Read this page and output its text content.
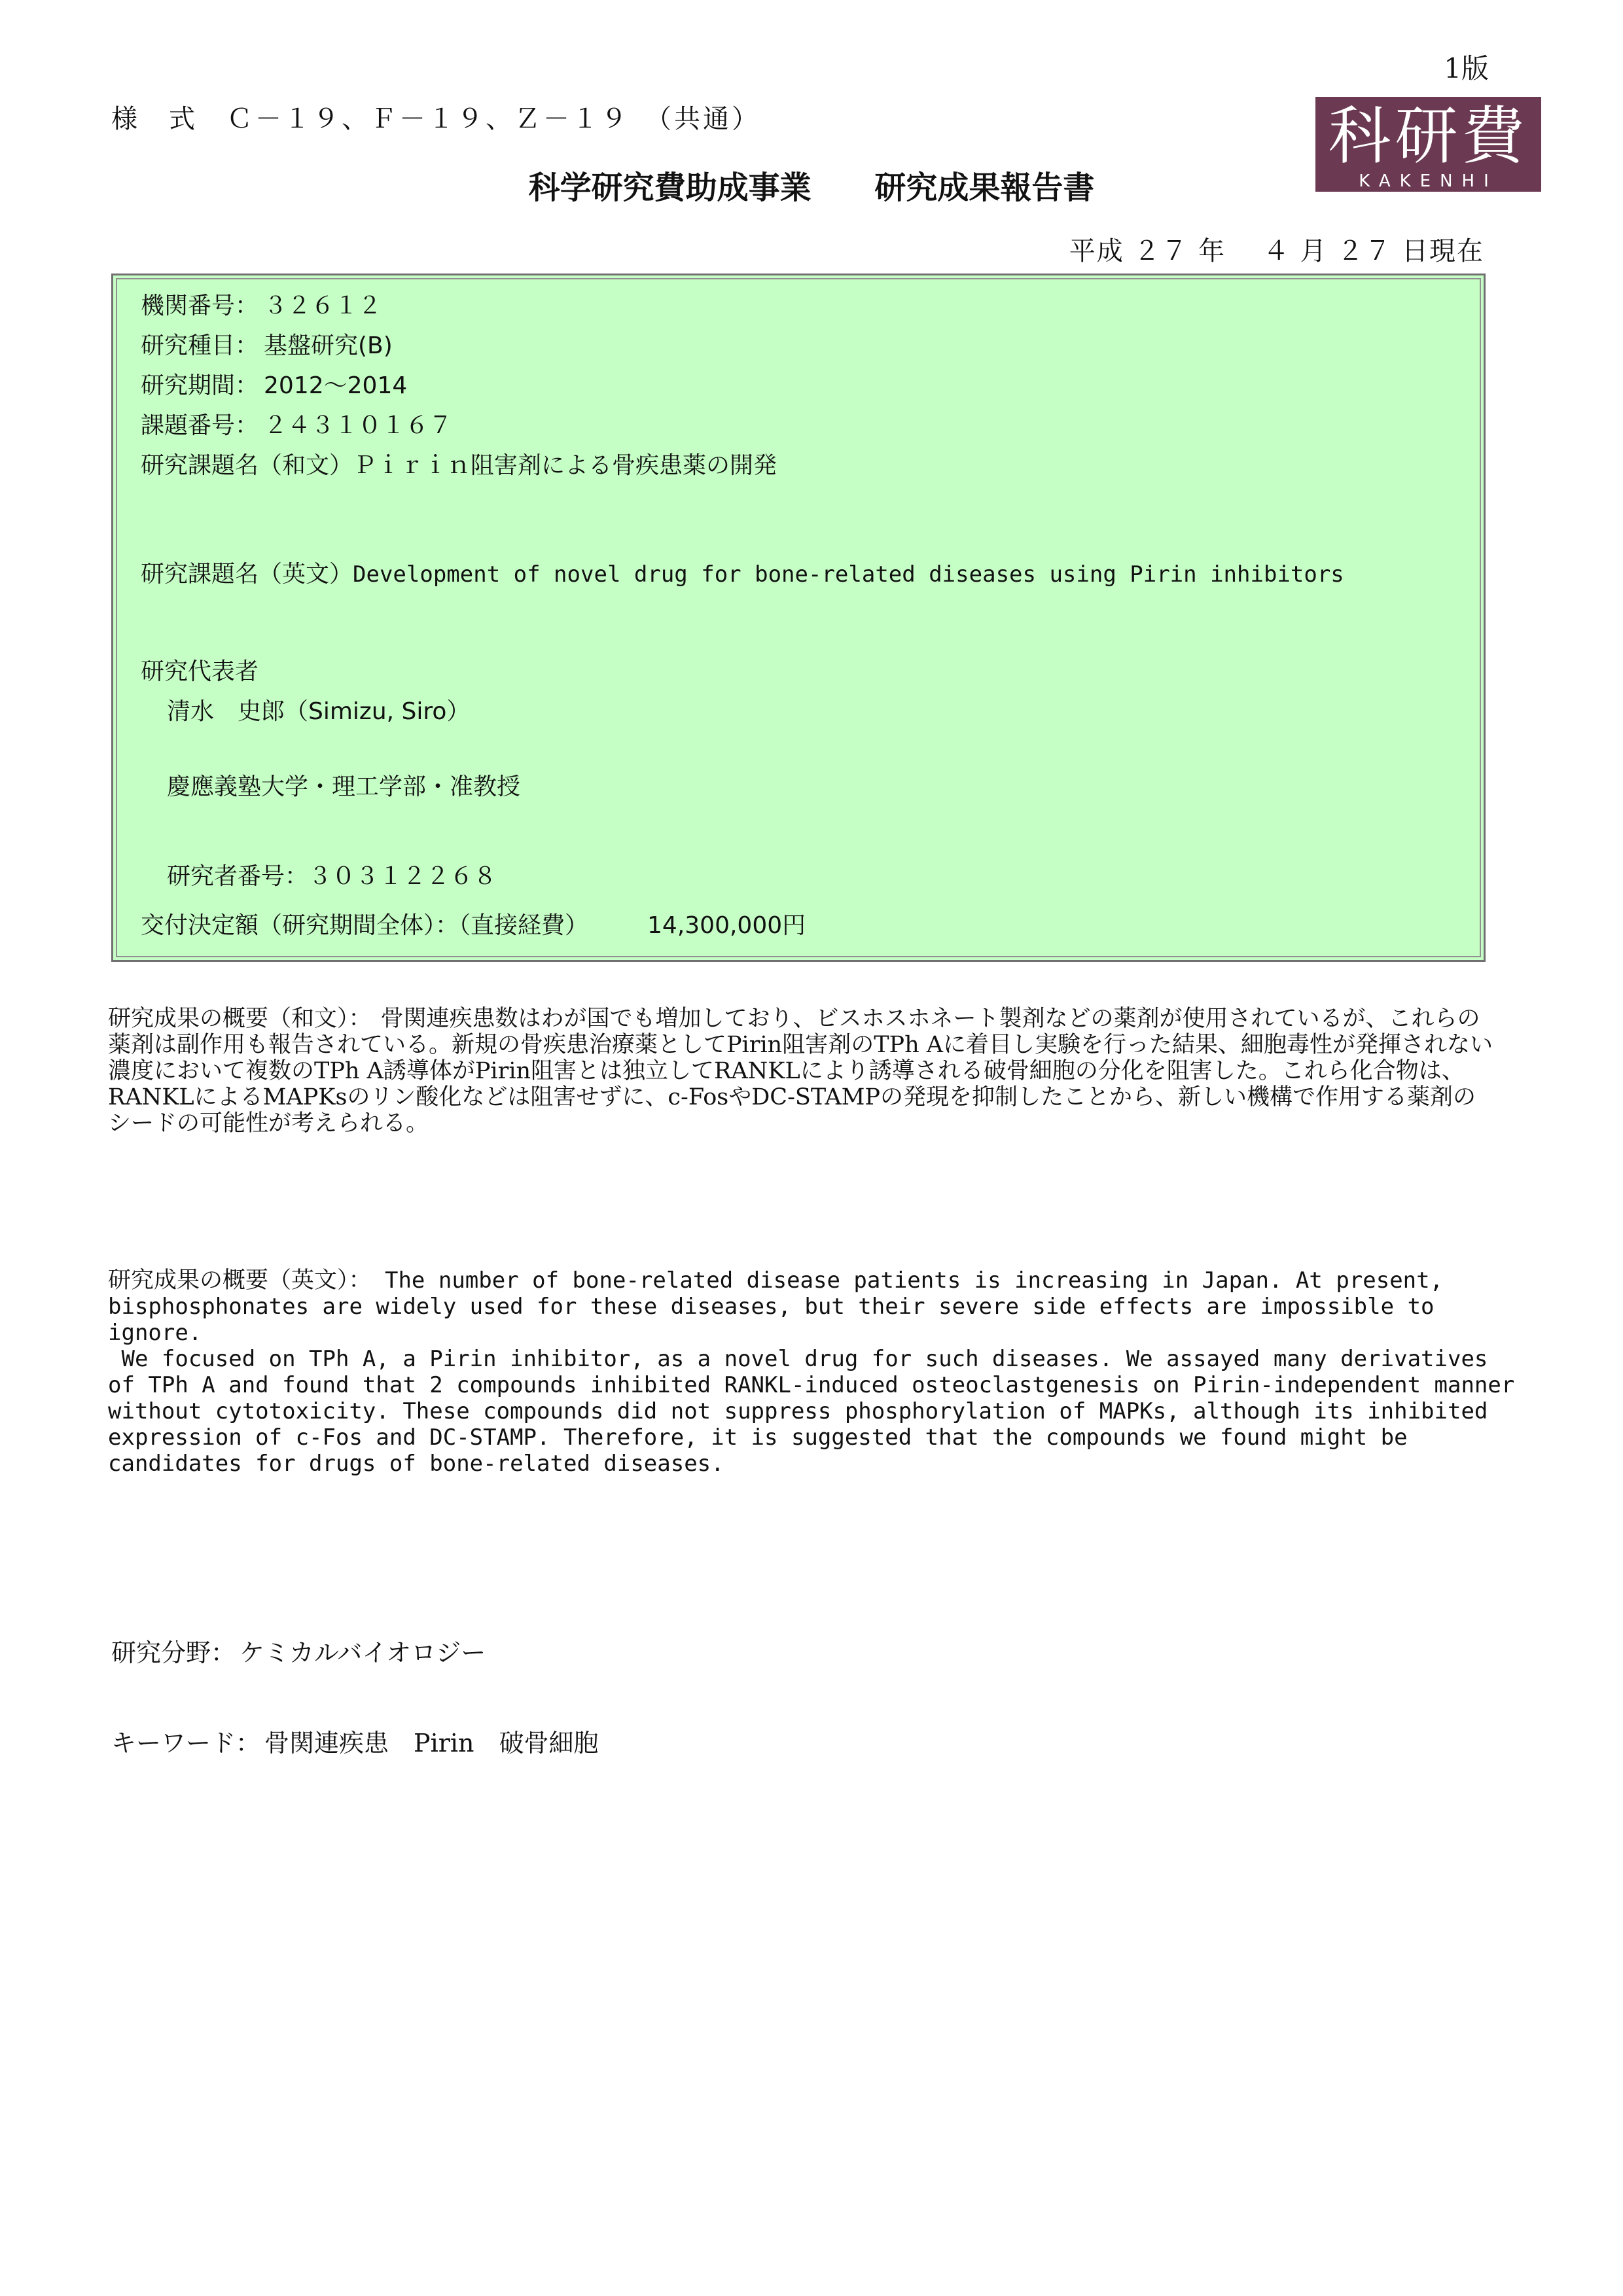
1版
様　式　Ｃ－１９、Ｆ－１９、Ｚ－１９　（共通）	科研費
KAKENHI
科学研究費助成事業 研究成果報告書
平成 ２７ 年　 ４ 月 ２７ 日現在
機関番号： ３２６１２
研究種目： 基盤研究(B)
研究期間： 2012～2014
課題番号： ２４３１０１６７
研究課題名（和文）Ｐｉｒｉｎ阻害剤による骨疾患薬の開発
研究課題名（英文）Development of novel drug for bone-related diseases using Pirin inhibitors
研究代表者
清水　史郎（Simizu, Siro）
慶應義塾大学・理工学部・准教授
研究者番号：３０３１２２６８
交付決定額（研究期間全体）：（直接経費）	14,300,000円
研究成果の概要（和文）： 骨関連疾患数はわが国でも増加しており、ビスホスホネート製剤などの薬剤が使用されているが、これらの薬剤は副作用も報告されている。新規の骨疾患治療薬としてPirin阻害剤のTPh Aに着目し実験を行った結果、細胞毒性が発揮されない濃度において複数のTPh A誘導体がPirin阻害とは独立してRANKLにより誘導される破骨細胞の分化を阻害した。これら化合物は、RANKLによるMAPKsのリン酸化などは阻害せずに、c-FosやDC-STAMPの発現を抑制したことから、新しい機構で作用する薬剤のシードの可能性が考えられる。
研究成果の概要（英文）： The number of bone-related disease patients is increasing in Japan. At present,
bisphosphonates are widely used for these diseases, but their severe side effects are impossible to
ignore.
We focused on TPh A, a Pirin inhibitor, as a novel drug for such diseases. We assayed many derivatives
of TPh A and found that 2 compounds inhibited RANKL-induced osteoclastgenesis on Pirin-independent manner
without cytotoxicity. These compounds did not suppress phosphorylation of MAPKs, although its inhibited
expression of c-Fos and DC-STAMP. Therefore, it is suggested that the compounds we found might be
candidates for drugs of bone-related diseases.
研究分野： ケミカルバイオロジー
キーワード： 骨関連疾患　Pirin　破骨細胞
